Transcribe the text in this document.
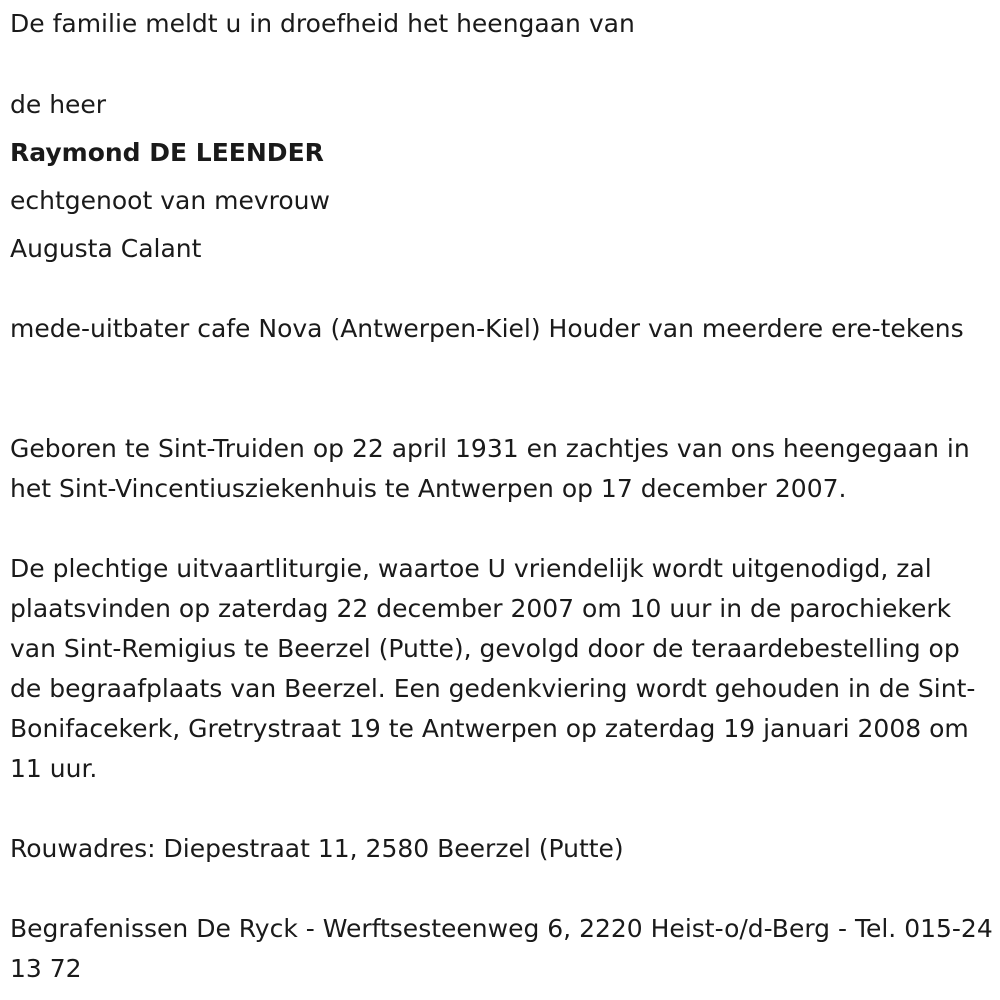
De familie meldt u in droefheid het heengaan van
de heer
Raymond DE LEENDER
echtgenoot van mevrouw
Augusta Calant

mede-uitbater cafe Nova (Antwerpen-Kiel) Houder van meerdere ere-tekens

Geboren te Sint-Truiden op 22 april 1931 en zachtjes van ons heengegaan in het Sint-Vincentiusziekenhuis te Antwerpen op 17 december 2007.

De plechtige uitvaartliturgie, waartoe U vriendelijk wordt uitgenodigd, zal plaatsvinden op zaterdag 22 december 2007 om 10 uur in de parochiekerk van Sint-Remigius te Beerzel (Putte), gevolgd door de teraardebestelling op de begraafplaats van Beerzel. Een gedenkviering wordt gehouden in de Sint-Bonifacekerk, Gretrystraat 19 te Antwerpen op zaterdag 19 januari 2008 om 11 uur.

Rouwadres: Diepestraat 11, 2580 Beerzel (Putte)

Begrafenissen De Ryck - Werftsesteenweg 6, 2220 Heist-o/d-Berg - Tel. 015-24 13 72
